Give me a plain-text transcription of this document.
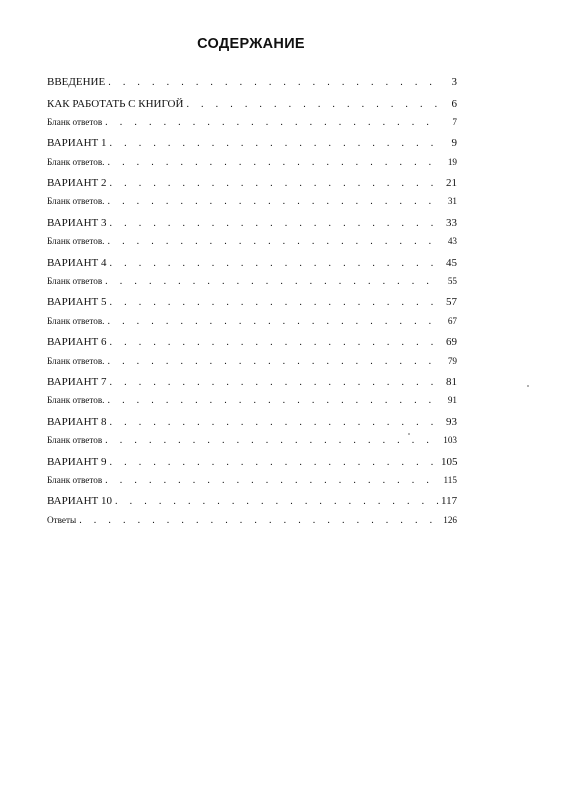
СОДЕРЖАНИЕ
ВВЕДЕНИЕ . . .	3
КАК РАБОТАТЬ С КНИГОЙ . . .	6
Бланк ответов . . .	7
ВАРИАНТ 1 . . .	9
Бланк ответов. . . .	19
ВАРИАНТ 2 . . .	21
Бланк ответов. . . .	31
ВАРИАНТ 3 . . .	33
Бланк ответов. . . .	43
ВАРИАНТ 4 . . .	45
Бланк ответов . . .	55
ВАРИАНТ 5 . . .	57
Бланк ответов. . . .	67
ВАРИАНТ 6 . . .	69
Бланк ответов. . . .	79
ВАРИАНТ 7 . . .	81
Бланк ответов. . . .	91
ВАРИАНТ 8 . . .	93
Бланк ответов . . .	103
ВАРИАНТ 9 . . .	105
Бланк ответов . . .	115
ВАРИАНТ 10 . . .	117
Ответы . . .	126
